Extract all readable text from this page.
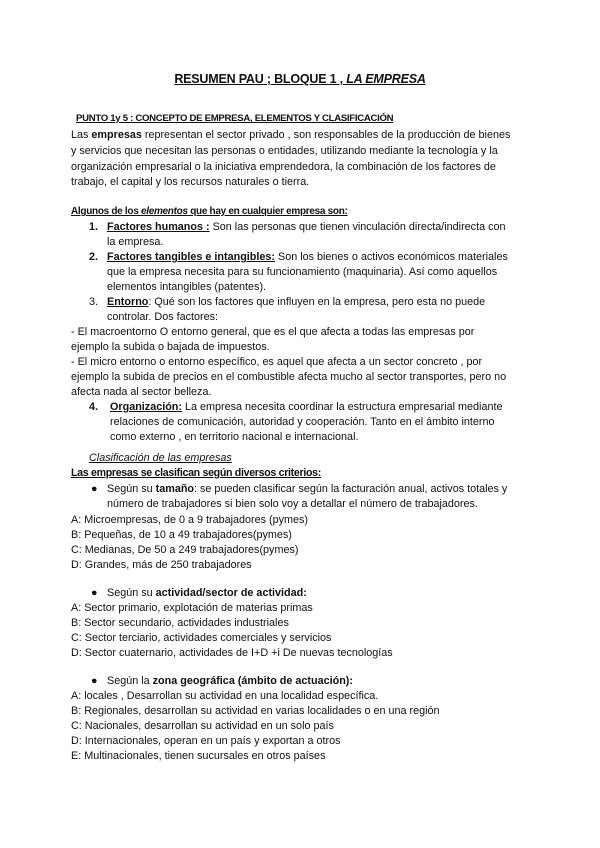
RESUMEN PAU ; BLOQUE 1 , LA EMPRESA
PUNTO 1y 5 : CONCEPTO DE EMPRESA, ELEMENTOS Y CLASIFICACIÓN
Las empresas representan el sector privado , son responsables de la producción de bienes
y servicios que necesitan las personas o entidades, utilizando mediante la tecnología y la
organización empresarial o la iniciativa emprendedora, la combinación de los factores de
trabajo, el capital y los recursos naturales o tierra.
Algunos de los elementos que hay en cualquier empresa son:
1. Factores humanos : Son las personas que tienen vinculación directa/indirecta con
la empresa.
2. Factores tangibles e intangibles: Son los bienes o activos económicos materiales
que la empresa necesita para su funcionamiento (maquinaria). Así como aquellos
elementos intangibles (patentes).
3. Entorno: Qué son los factores que influyen en la empresa, pero esta no puede
controlar. Dos factores:
- El macroentorno O entorno general, que es el que afecta a todas las empresas por
ejemplo la subida o bajada de impuestos.
- El micro entorno o entorno específico, es aquel que afecta a un sector concreto , por
ejemplo la subida de precios en el combustible afecta mucho al sector transportes, pero no
afecta nada al sector belleza.
4. Organización: La empresa necesita coordinar la estructura empresarial mediante
relaciones de comunicación, autoridad y cooperación. Tanto en el ámbito interno
como externo , en territorio nacional e internacional.
Clasificación de las empresas
Las empresas se clasifican según diversos criterios:
● Según su tamaño: se pueden clasificar según la facturación anual, activos totales y
número de trabajadores si bien solo voy a detallar el número de trabajadores.
A: Microempresas, de 0 a 9 trabajadores (pymes)
B: Pequeñas, de 10 a 49 trabajadores(pymes)
C: Medianas, De 50 a 249 trabajadores(pymes)
D: Grandes, más de 250 trabajadores
● Según su actividad/sector de actividad:
A: Sector primario, explotación de materias primas
B: Sector secundario, actividades industriales
C: Sector terciario, actividades comerciales y servicios
D: Sector cuaternario, actividades de I+D +i De nuevas tecnologías
● Según la zona geográfica (ámbito de actuación):
A: locales , Desarrollan su actividad en una localidad específica.
B: Regionales, desarrollan su actividad en varias localidades o en una región
C: Nacionales, desarrollan su actividad en un solo país
D: Internacionales, operan en un país y exportan a otros
E: Multinacionales, tienen sucursales en otros países
